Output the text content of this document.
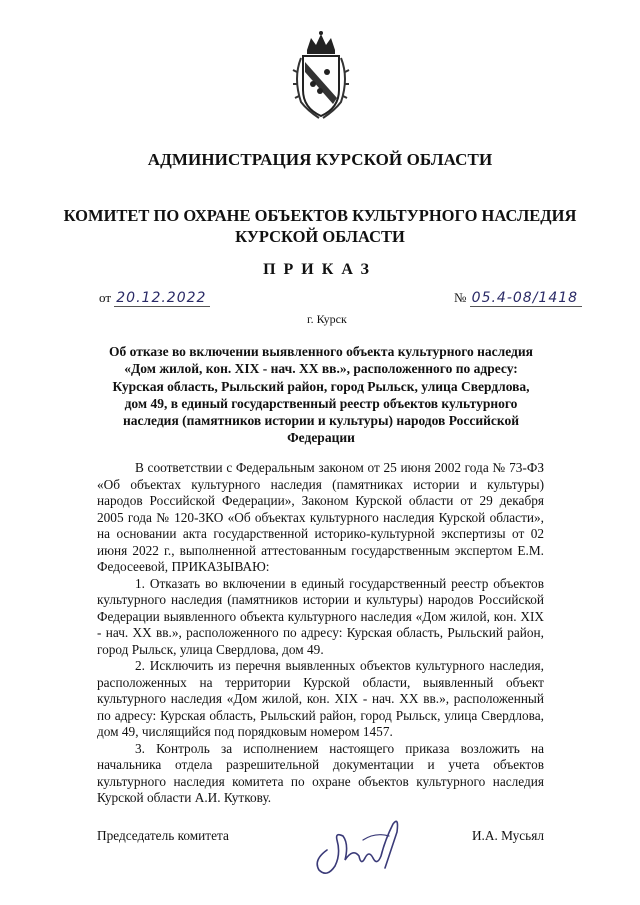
АДМИНИСТРАЦИЯ КУРСКОЙ ОБЛАСТИ
КОМИТЕТ ПО ОХРАНЕ ОБЪЕКТОВ КУЛЬТУРНОГО НАСЛЕДИЯ
КУРСКОЙ ОБЛАСТИ
ПРИКАЗ
от 20.12.2022	№ 05.4-08/1418
г. Курск
Об отказе во включении выявленного объекта культурного наследия «Дом жилой, кон. XIX - нач. XX вв.», расположенного по адресу: Курская область, Рыльский район, город Рыльск, улица Свердлова, дом 49, в единый государственный реестр объектов культурного наследия (памятников истории и культуры) народов Российской Федерации

В соответствии с Федеральным законом от 25 июня 2002 года № 73-ФЗ «Об объектах культурного наследия (памятниках истории и культуры) народов Российской Федерации», Законом Курской области от 29 декабря 2005 года № 120-ЗКО «Об объектах культурного наследия Курской области», на основании акта государственной историко-культурной экспертизы от 02 июня 2022 г., выполненной аттестованным государственным экспертом Е.М. Федосеевой, ПРИКАЗЫВАЮ:

1. Отказать во включении в единый государственный реестр объектов культурного наследия (памятников истории и культуры) народов Российской Федерации выявленного объекта культурного наследия «Дом жилой, кон. XIX - нач. XX вв.», расположенного по адресу: Курская область, Рыльский район, город Рыльск, улица Свердлова, дом 49.

2. Исключить из перечня выявленных объектов культурного наследия, расположенных на территории Курской области, выявленный объект культурного наследия «Дом жилой, кон. XIX - нач. XX вв.», расположенный по адресу: Курская область, Рыльский район, город Рыльск, улица Свердлова, дом 49, числящийся под порядковым номером 1457.

3. Контроль за исполнением настоящего приказа возложить на начальника отдела разрешительной документации и учета объектов культурного наследия комитета по охране объектов культурного наследия Курской области А.И. Куткову.

Председатель комитета	И.А. Мусьял
